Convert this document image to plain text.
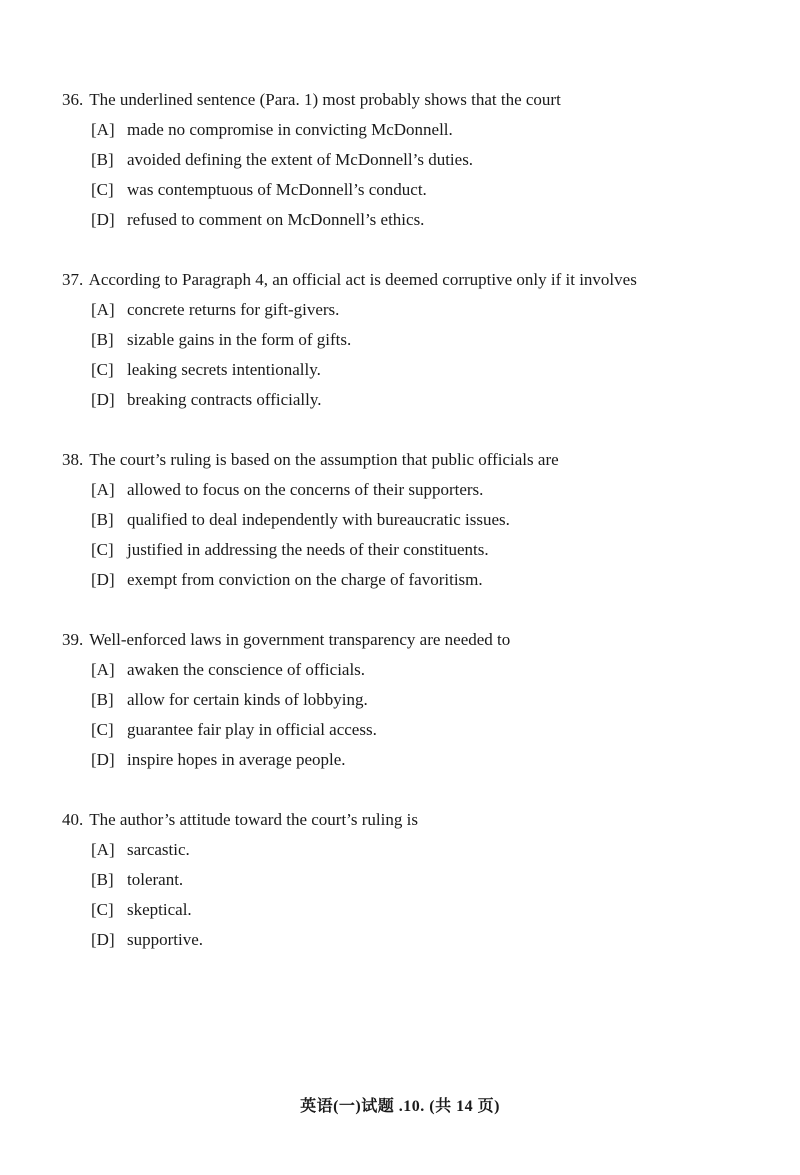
36. The underlined sentence (Para. 1) most probably shows that the court
[A] made no compromise in convicting McDonnell.
[B] avoided defining the extent of McDonnell’s duties.
[C] was contemptuous of McDonnell’s conduct.
[D] refused to comment on McDonnell’s ethics.
37. According to Paragraph 4, an official act is deemed corruptive only if it involves
[A] concrete returns for gift-givers.
[B] sizable gains in the form of gifts.
[C] leaking secrets intentionally.
[D] breaking contracts officially.
38. The court’s ruling is based on the assumption that public officials are
[A] allowed to focus on the concerns of their supporters.
[B] qualified to deal independently with bureaucratic issues.
[C] justified in addressing the needs of their constituents.
[D] exempt from conviction on the charge of favoritism.
39. Well-enforced laws in government transparency are needed to
[A] awaken the conscience of officials.
[B] allow for certain kinds of lobbying.
[C] guarantee fair play in official access.
[D] inspire hopes in average people.
40. The author’s attitude toward the court’s ruling is
[A] sarcastic.
[B] tolerant.
[C] skeptical.
[D] supportive.
英语(一)试题 .10. (共 14 页)
